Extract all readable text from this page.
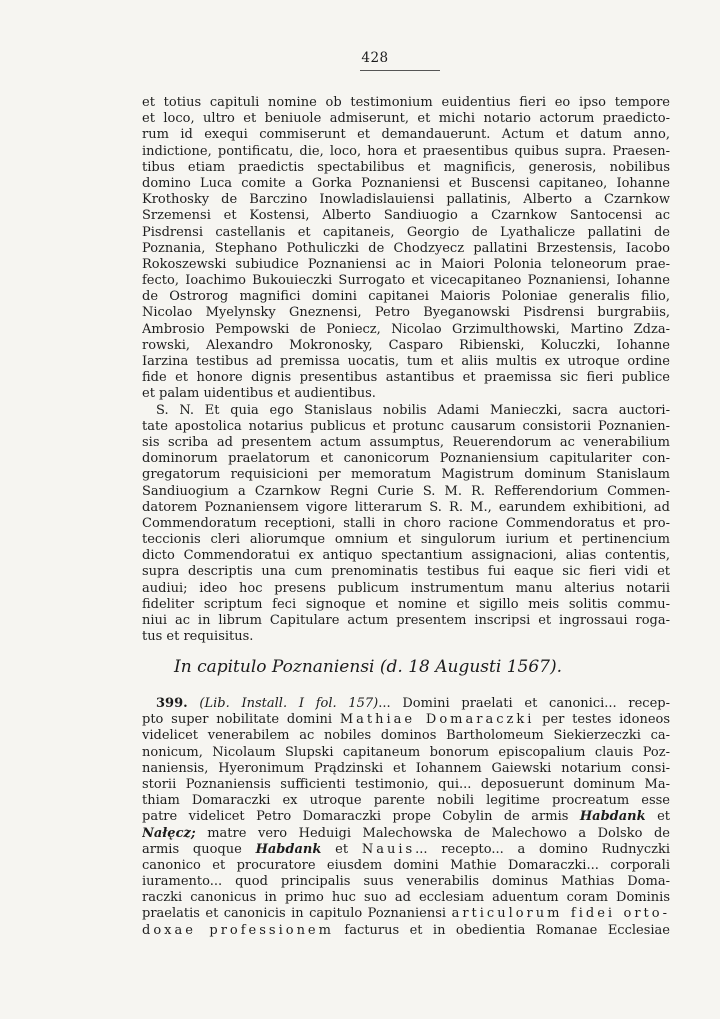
428
et totius capituli nomine ob testimonium euidentius fieri eo ipso tempore
et loco, ultro et beniuole admiserunt, et michi notario actorum praedicto-
rum id exequi commiserunt et demandauerunt. Actum et datum anno,
indictione, pontificatu, die, loco, hora et praesentibus quibus supra. Praesen-
tibus etiam praedictis spectabilibus et magnificis, generosis, nobilibus
domino Luca comite a Gorka Poznaniensi et Buscensi capitaneo, Iohanne
Krothosky de Barczino Inowladislauiensi pallatinis, Alberto a Czarnkow
Srzemensi et Kostensi, Alberto Sandiuogio a Czarnkow Santocensi ac
Pisdrensi castellanis et capitaneis, Georgio de Lyathalicze pallatini de
Poznania, Stephano Pothuliczki de Chodzyecz pallatini Brzestensis, Iacobo
Rokoszewski subiudice Poznaniensi ac in Maiori Polonia teloneorum prae-
fecto, Ioachimo Bukouieczki Surrogato et vicecapitaneo Poznaniensi, Iohanne
de Ostrorog magnifici domini capitanei Maioris Poloniae generalis filio,
Nicolao Myelynsky Gneznensi, Petro Byeganowski Pisdrensi burgrabiis,
Ambrosio Pempowski de Poniecz, Nicolao Grzimulthowski, Martino Zdza-
rowski, Alexandro Mokronosky, Casparo Ribienski, Koluczki, Iohanne
Iarzina testibus ad premissa uocatis, tum et aliis multis ex utroque ordine
fide et honore dignis presentibus astantibus et praemissa sic fieri publice
et palam uidentibus et audientibus.
S. N. Et quia ego Stanislaus nobilis Adami Manieczki, sacra auctori-
tate apostolica notarius publicus et protunc causarum consistorii Poznanien-
sis scriba ad presentem actum assumptus, Reuerendorum ac venerabilium
dominorum praelatorum et canonicorum Poznaniensium capitulariter con-
gregatorum requisicioni per memoratum Magistrum dominum Stanislaum
Sandiuogium a Czarnkow Regni Curie S. M. R. Refferendorium Commen-
datorem Poznaniensem vigore litterarum S. R. M., earundem exhibitioni, ad
Commendoratum receptioni, stalli in choro racione Commendoratus et pro-
teccionis cleri aliorumque omnium et singulorum iurium et pertinencium
dicto Commendoratui ex antiquo spectantium assignacioni, alias contentis,
supra descriptis una cum prenominatis testibus fui eaque sic fieri vidi et
audiui; ideo hoc presens publicum instrumentum manu alterius notarii
fideliter scriptum feci signoque et nomine et sigillo meis solitis commu-
niui ac in librum Capitulare actum presentem inscripsi et ingrossaui roga-
tus et requisitus.
In capitulo Poznaniensi (d. 18 Augusti 1567).
399. (Lib. Install. I fol. 157)... Domini praelati et canonici... recep-
pto super nobilitate domini Mathiae Domaraczki per testes idoneos
videlicet venerabilem ac nobiles dominos Bartholomeum Siekierzeczki ca-
nonicum, Nicolaum Slupski capitaneum bonorum episcopalium clauis Poz-
naniensis, Hyeronimum Prądzinski et Iohannem Gaiewski notarium consi-
storii Poznaniensis sufficienti testimonio, qui... deposuerunt dominum Ma-
thiam Domaraczki ex utroque parente nobili legitime procreatum esse
patre videlicet Petro Domaraczki prope Cobylin de armis Habdank et
Nałęcz; matre vero Heduigi Malechowska de Malechowo a Dolsko de
armis quoque Habdank et Nauis... recepto... a domino Rudnyczki
canonico et procuratore eiusdem domini Mathie Domaraczki... corporali
iuramento... quod principalis suus venerabilis dominus Mathias Doma-
raczki canonicus in primo huc suo ad ecclesiam aduentum coram Dominis
praelatis et canonicis in capitulo Poznaniensi articulorum fidei orto-
doxae professionem facturus et in obedientia Romanae Ecclesiae
